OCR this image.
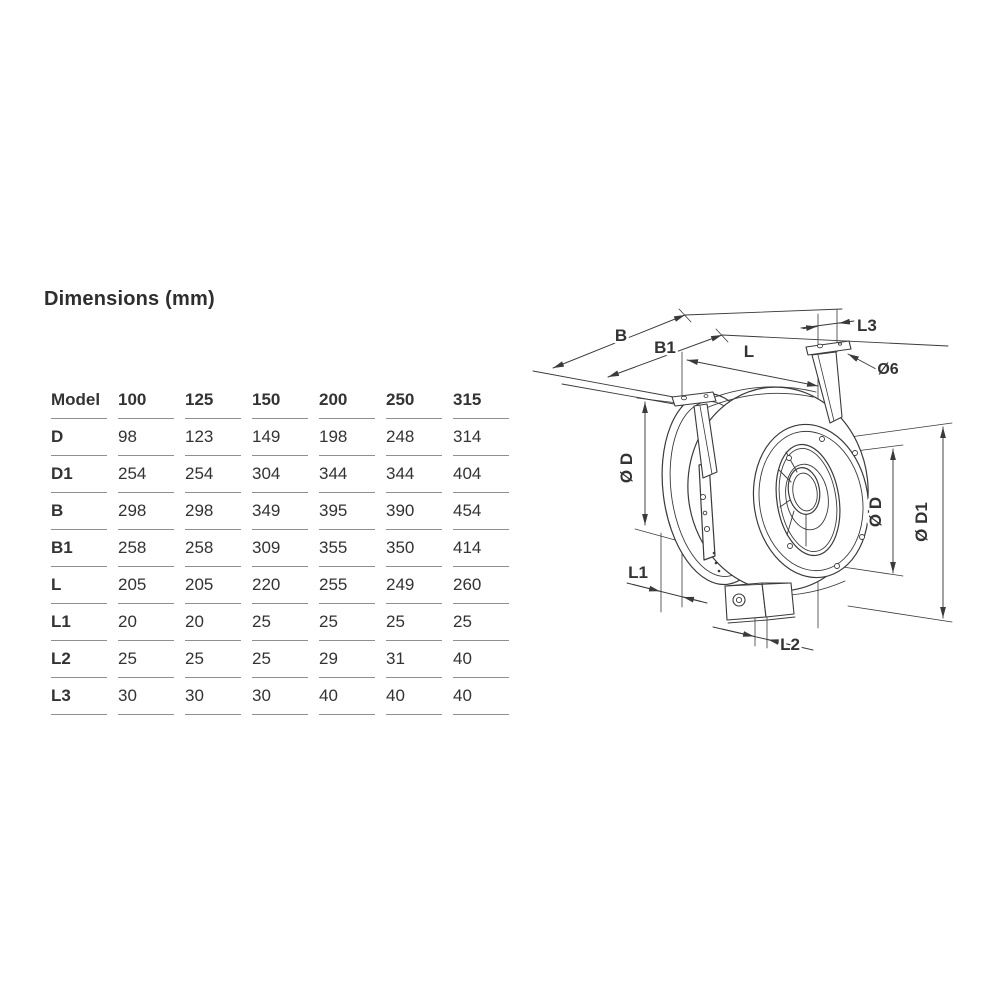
Dimensions (mm)
Model	100	125	150	200	250	315
D	98	123	149	198	248	314
D1	254	254	304	344	344	404
B	298	298	349	395	390	454
B1	258	258	309	355	350	414
L	205	205	220	255	249	260
L1	20	20	25	25	25	25
L2	25	25	25	29	31	40
L3	30	30	30	40	40	40
B
B1	L
L3
Ø6
Ø D
Ø D Ø D1
L1
L2
